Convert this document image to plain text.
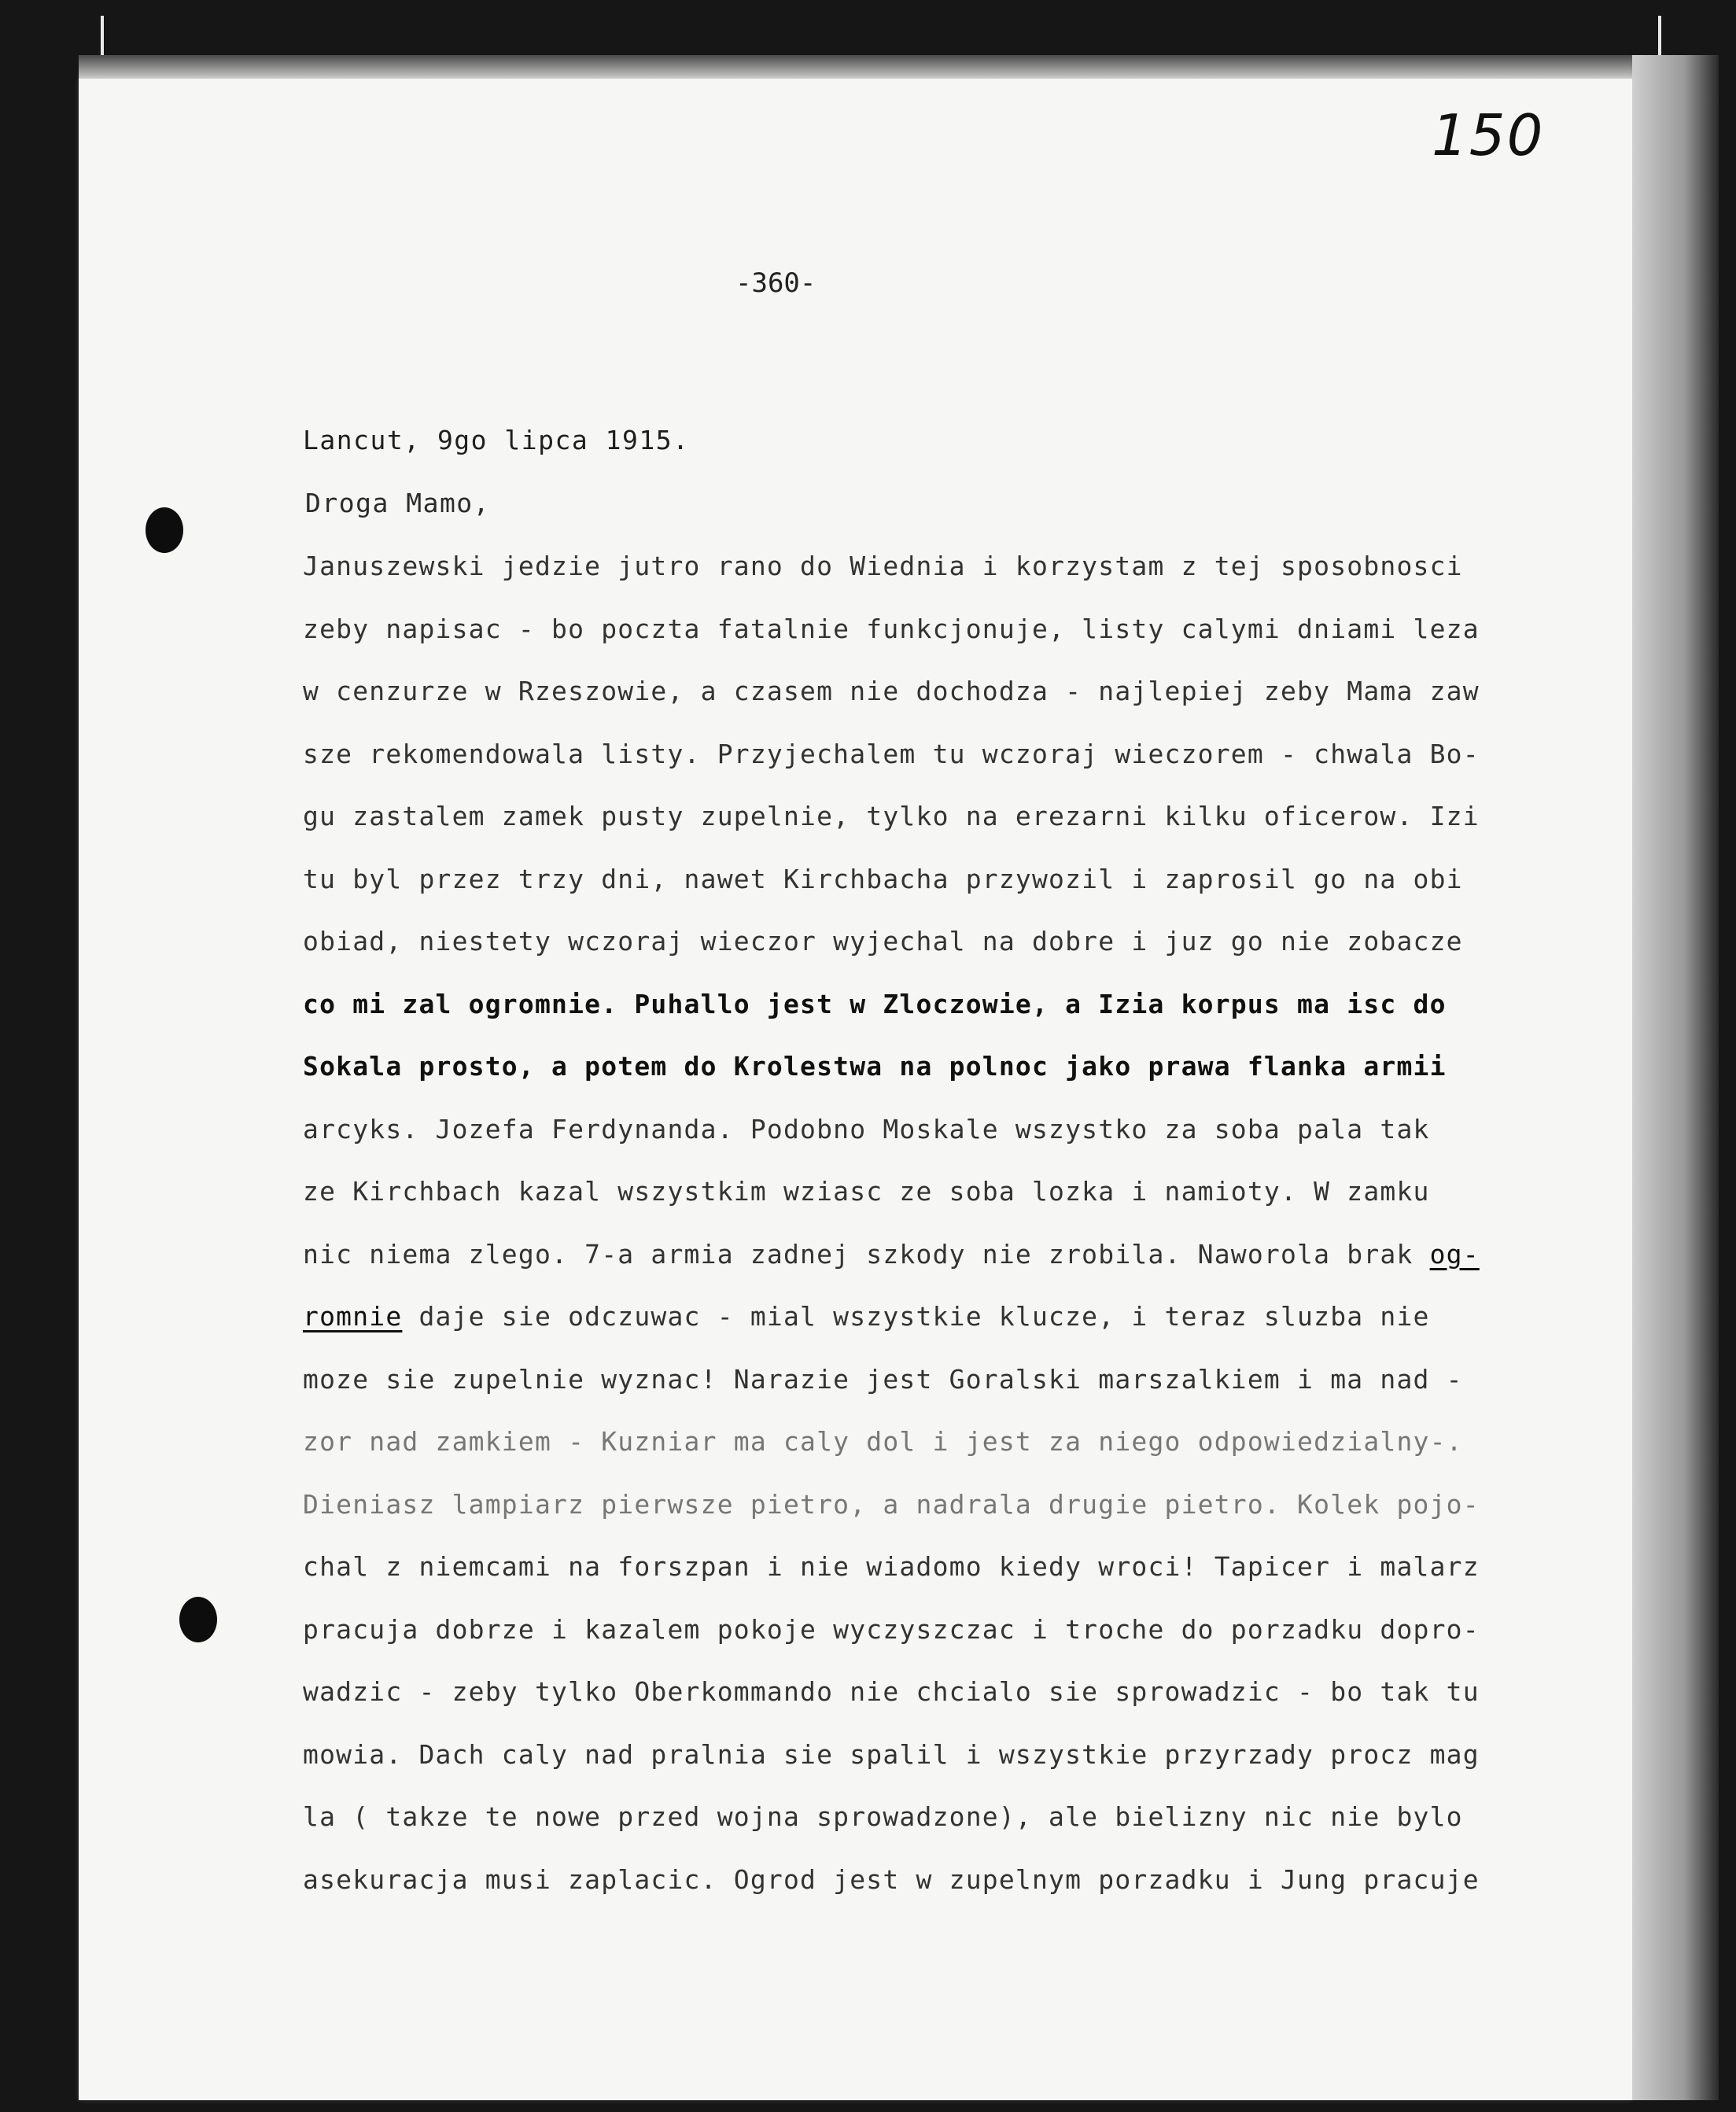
150
-360-
Lancut, 9go lipca 1915.
Droga Mamo,
Januszewski jedzie jutro rano do Wiednia i korzystam z tej sposobnosci
zeby napisac - bo poczta fatalnie funkcjonuje, listy calymi dniami leza
w cenzurze w Rzeszowie, a czasem nie dochodza - najlepiej zeby Mama zaw
sze rekomendowala listy. Przyjechalem tu wczoraj wieczorem - chwala Bo-
gu zastalem zamek pusty zupelnie, tylko na erezarni kilku oficerow. Izi
tu byl przez trzy dni, nawet Kirchbacha przywozil i zaprosil go na obi
obiad, niestety wczoraj wieczor wyjechal na dobre i juz go nie zobacze
co mi zal ogromnie. Puhallo jest w Zloczowie, a Izia korpus ma isc do
Sokala prosto, a potem do Krolestwa na polnoc jako prawa flanka armii
arcyks. Jozefa Ferdynanda. Podobno Moskale wszystko za soba pala tak
ze Kirchbach kazal wszystkim wziasc ze soba lozka i namioty. W zamku
nic niema zlego. 7-a armia zadnej szkody nie zrobila. Naworola brak og-
romnie daje sie odczuwac - mial wszystkie klucze, i teraz sluzba nie
moze sie zupelnie wyznac! Narazie jest Goralski marszalkiem i ma nad -
zor nad zamkiem - Kuzniar ma caly dol i jest za niego odpowiedzialny-.
Dieniasz lampiarz pierwsze pietro, a nadrala drugie pietro. Kolek pojo-
chal z niemcami na forszpan i nie wiadomo kiedy wroci! Tapicer i malarz
pracuja dobrze i kazalem pokoje wyczyszczac i troche do porzadku dopro-
wadzic - zeby tylko Oberkommando nie chcialo sie sprowadzic - bo tak tu
mowia. Dach caly nad pralnia sie spalil i wszystkie przyrzady procz mag
la ( takze te nowe przed wojna sprowadzone), ale bielizny nic nie bylo
asekuracja musi zaplacic. Ogrod jest w zupelnym porzadku i Jung pracuje
